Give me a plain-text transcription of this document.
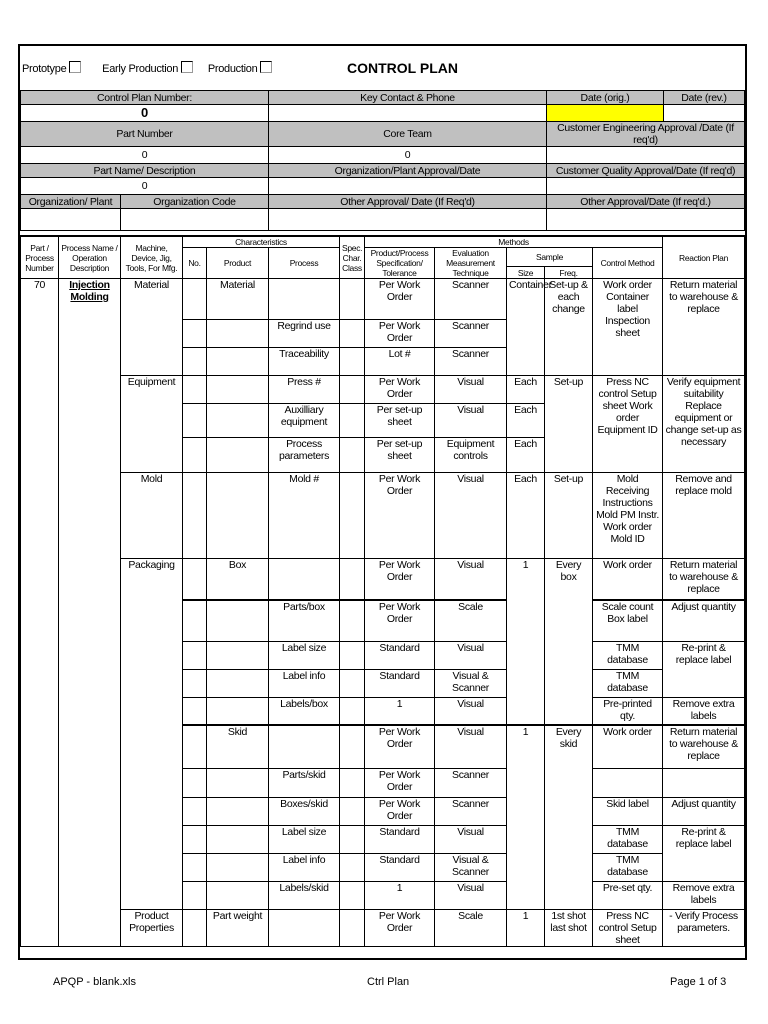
Prototype	Early Production	Production	CONTROL PLAN	
Control Plan Number:		Key Contact & Phone	Date (orig.)	Date (rev.)
0				
Part Number		Core Team	Customer Engineering Approval /Date (If req'd)	
0		0		
Part Name/ Description		Organization/Plant Approval/Date	Customer Quality Approval/Date (If req'd)	
0				
Organization/ Plant	Organization Code	Other Approval/ Date (If Req'd)	Other Approval/Date (If req'd.)	

Part / Process Number	Process Name / Operation Description	Machine, Device, Jig, Tools, For Mfg.	Characteristics			Spec. Char. Class	Methods					Reaction Plan
			No.	Product	Process		Product/Process Specification/ Tolerance	Evaluation Measurement Technique	Sample		Control Method	
									Size	Freq.		
70	Injection Molding	Material		Material			Per Work Order	Scanner	Container	Set-up & each change	Work order Container label Inspection sheet	Return material to warehouse & replace
					Regrind use		Per Work Order	Scanner				
					Traceability		Lot #	Scanner				
		Equipment			Press #		Per Work Order	Visual	Each	Set-up	Press NC control Setup sheet Work order Equipment ID	Verify equipment suitability Replace equipment or change set-up as necessary
					Auxilliary equipment		Per set-up sheet	Visual	Each			
					Process parameters		Per set-up sheet	Equipment controls	Each			
		Mold			Mold #		Per Work Order	Visual	Each	Set-up	Mold Receiving Instructions Mold PM Instr. Work order Mold ID	Remove and replace mold
		Packaging		Box			Per Work Order	Visual	1	Every box	Work order	Return material to warehouse & replace
					Parts/box		Per Work Order	Scale			Scale count Box label	Adjust quantity
					Label size		Standard	Visual			TMM database	Re-print & replace label
					Label info		Standard	Visual & Scanner			TMM database	
					Labels/box		1	Visual			Pre-printed qty.	Remove extra labels
				Skid			Per Work Order	Visual	1	Every skid	Work order	Return material to warehouse & replace
					Parts/skid		Per Work Order	Scanner				
					Boxes/skid		Per Work Order	Scanner			Skid label	Adjust quantity
					Label size		Standard	Visual			TMM database	Re-print & replace label
					Label info		Standard	Visual & Scanner			TMM database	
					Labels/skid		1	Visual			Pre-set qty.	Remove extra labels
		Product Properties		Part weight			Per Work Order	Scale	1	1st shot last shot	Press NC control Setup sheet	- Verify Process parameters.
APQP - blank.xls	Ctrl Plan	Page 1 of 3
